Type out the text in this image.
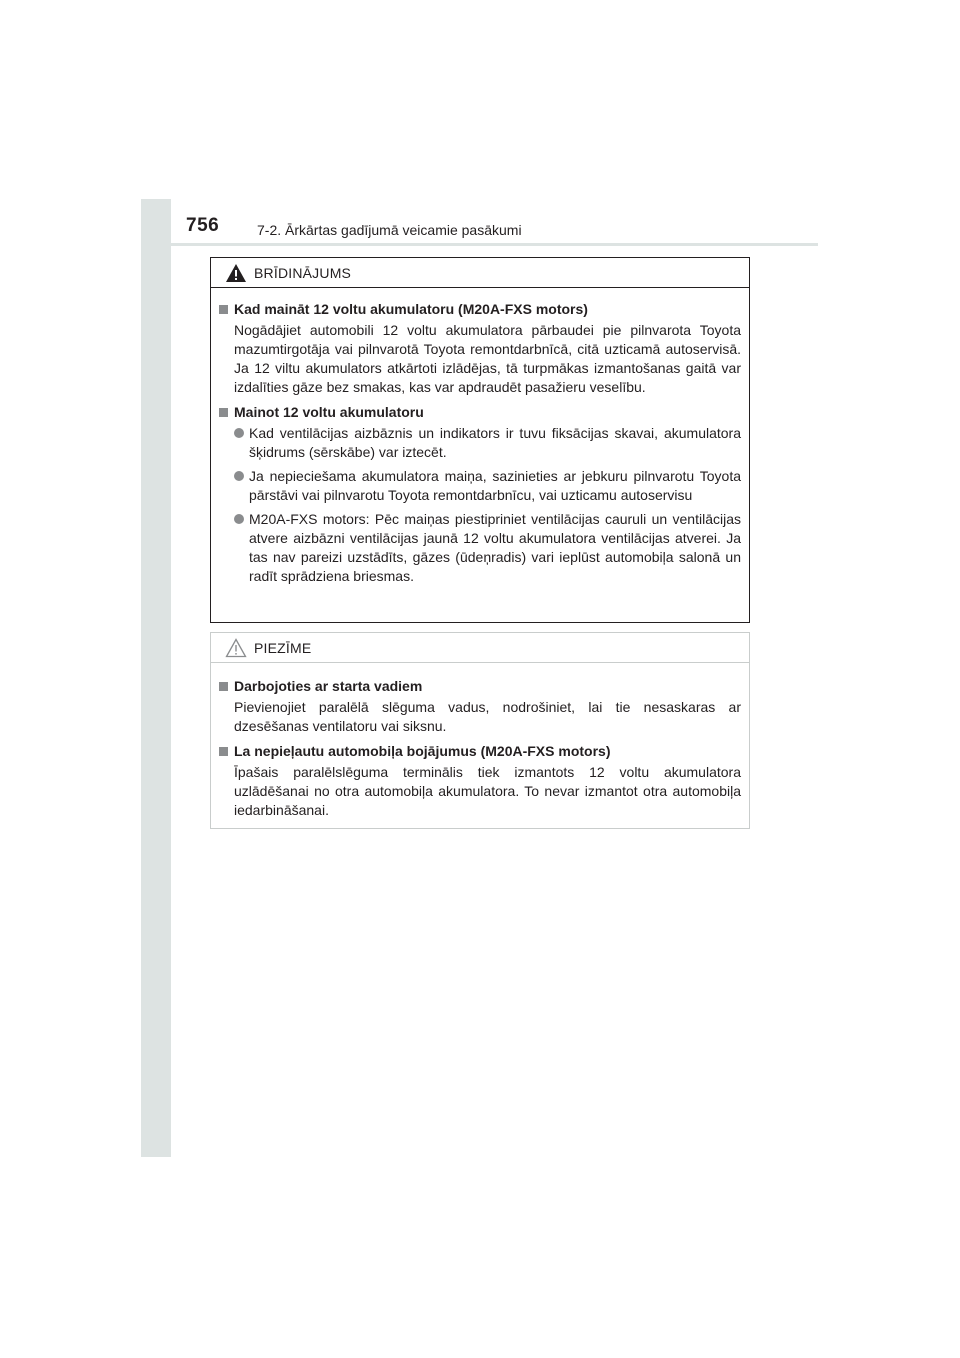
756	7-2. Ārkārtas gadījumā veicamie pasākumi
BRĪDINĀJUMS
Kad maināt 12 voltu akumulatoru (M20A-FXS motors)
Nogādājiet automobili 12 voltu akumulatora pārbaudei pie pilnvarota Toyota mazumtirgotāja vai pilnvarotā Toyota remontdarbnīcā, citā uzticamā autoservisā. Ja 12 viltu akumulators atkārtoti izlādējas, tā turpmākas izmantošanas gaitā var izdalīties gāze bez smakas, kas var apdraudēt pasažieru veselību.
Mainot 12 voltu akumulatoru
Kad ventilācijas aizbāznis un indikators ir tuvu fiksācijas skavai, akumulatora šķidrums (sērskābe) var iztecēt.
Ja nepieciešama akumulatora maiņa, sazinieties ar jebkuru pilnvarotu Toyota pārstāvi vai pilnvarotu Toyota remontdarbnīcu, vai uzticamu autoservisu
M20A-FXS motors: Pēc maiņas piestipriniet ventilācijas cauruli un ventilācijas atvere aizbāzni ventilācijas jaunā 12 voltu akumulatora ventilācijas atverei. Ja tas nav pareizi uzstādīts, gāzes (ūdeņradis) vari ieplūst automobiļa salonā un radīt sprādziena briesmas.
PIEZĪME
Darbojoties ar starta vadiem
Pievienojiet paralēlā slēguma vadus, nodrošiniet, lai tie nesaskaras ar dzesēšanas ventilatoru vai siksnu.
La nepieļautu automobiļa bojājumus (M20A-FXS motors)
Īpašais paralēlslēguma terminālis tiek izmantots 12 voltu akumulatora uzlādēšanai no otra automobiļa akumulatora. To nevar izmantot otra automobiļa iedarbināšanai.
